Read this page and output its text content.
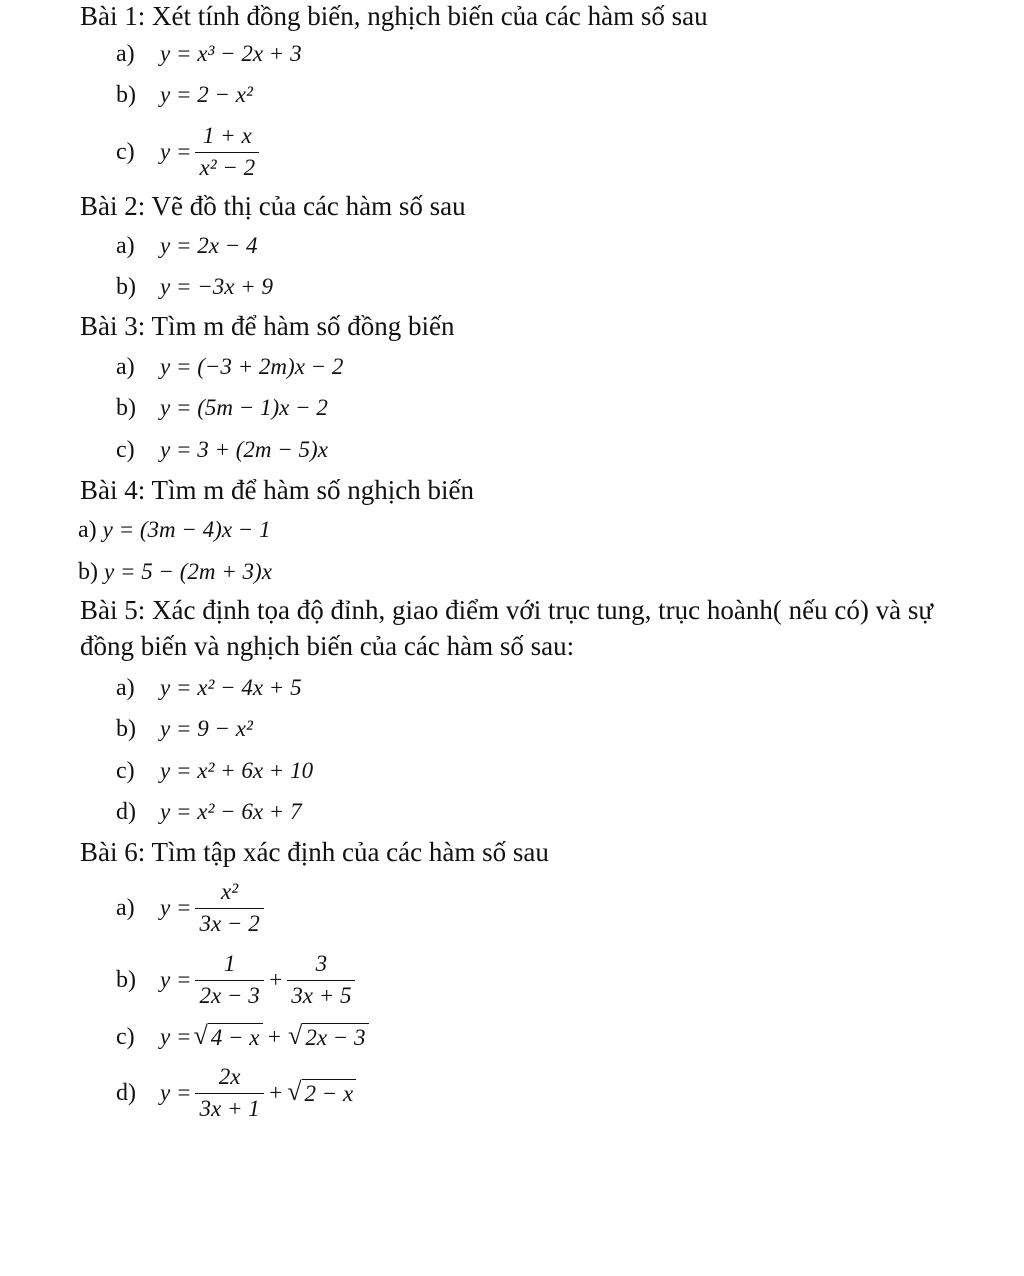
Bài 1: Xét tính đồng biến, nghịch biến của các hàm số sau
a)	y = x³ − 2x + 3
b)	y = 2 − x²
c)	$y = \frac{1 + x}{\text{x² − 2}}$
Bài 2: Vẽ đồ thị của các hàm số sau
a)	y = 2x − 4
b)	y = −3x + 9
Bài 3: Tìm m để hàm số đồng biến
a)	y = (−3 + 2m)x − 2
b)	y = (5m − 1)x − 2
c)	y = 3 + (2m − 5)x
Bài 4: Tìm m để hàm số nghịch biến
a) y = (3m − 4)x − 1
b) y = 5 − (2m + 3)x
Bài 5: Xác định tọa độ đỉnh, giao điểm với trục tung, trục hoành( nếu có) và sự
đồng biến và nghịch biến của các hàm số sau:
a)	y = x² − 4x + 5
b)	y = 9 − x²
c)	y = x² + 6x + 10
d)	y = x² − 6x + 7
Bài 6: Tìm tập xác định của các hàm số sau
a)	$y = \frac{\text{x²}}{3x - 2}$
b)	$y = \frac{1}{2x - 3} + \frac{3}{3x + 5}$
c)	y = √ 4 − x + √ 2x − 3
d)	$y = \frac{2x}{3x + 1}$ + √ 2 − x
